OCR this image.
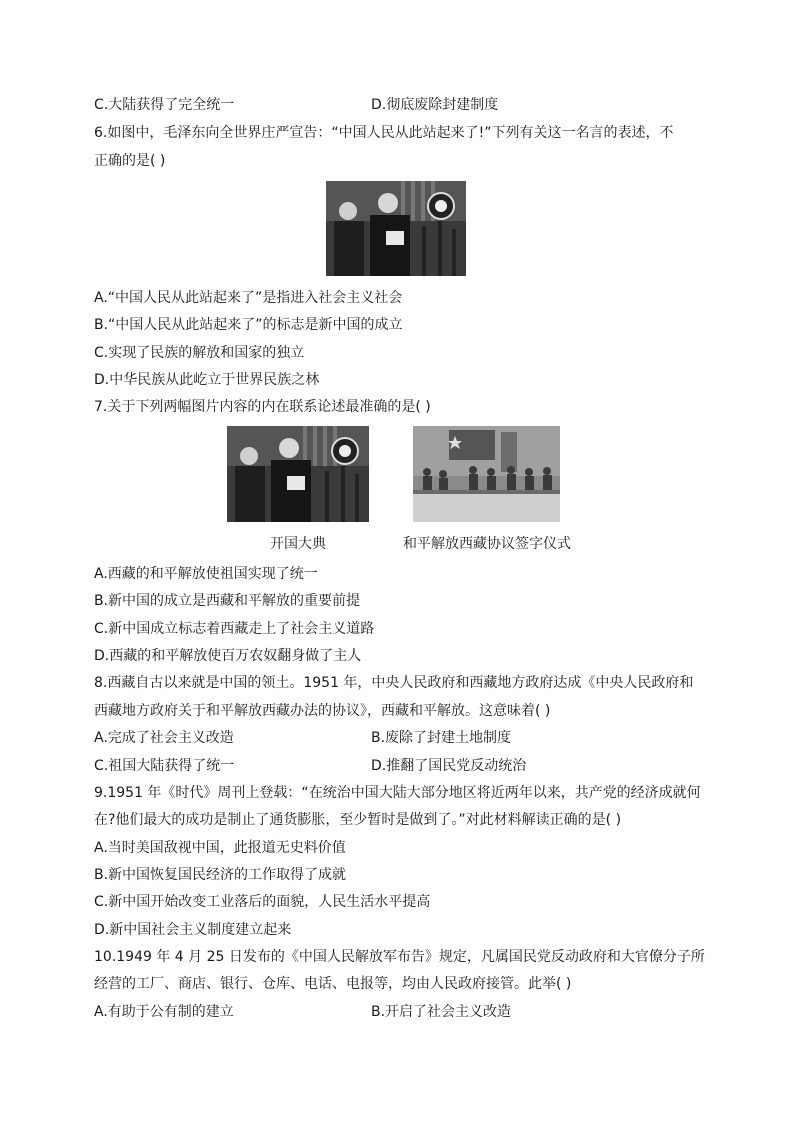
C.大陆获得了完全统一	D.彻底废除封建制度
6.如图中，毛泽东向全世界庄严宣告：“中国人民从此站起来了!”下列有关这一名言的表述，不
正确的是( )
A.“中国人民从此站起来了”是指进入社会主义社会
B.“中国人民从此站起来了”的标志是新中国的成立
C.实现了民族的解放和国家的独立
D.中华民族从此屹立于世界民族之林
7.关于下列两幅图片内容的内在联系论述最准确的是( )
开国大典	和平解放西藏协议签字仪式
A.西藏的和平解放使祖国实现了统一
B.新中国的成立是西藏和平解放的重要前提
C.新中国成立标志着西藏走上了社会主义道路
D.西藏的和平解放使百万农奴翻身做了主人
8.西藏自古以来就是中国的领土。1951 年，中央人民政府和西藏地方政府达成《中央人民政府和
西藏地方政府关于和平解放西藏办法的协议》，西藏和平解放。这意味着( )
A.完成了社会主义改造	B.废除了封建土地制度
C.祖国大陆获得了统一	D.推翻了国民党反动统治
9.1951 年《时代》周刊上登载：“在统治中国大陆大部分地区将近两年以来，共产党的经济成就何
在?他们最大的成功是制止了通货膨胀，至少暂时是做到了。”对此材料解读正确的是( )
A.当时美国敌视中国，此报道无史料价值
B.新中国恢复国民经济的工作取得了成就
C.新中国开始改变工业落后的面貌，人民生活水平提高
D.新中国社会主义制度建立起来
10.1949 年 4 月 25 日发布的《中国人民解放军布告》规定，凡属国民党反动政府和大官僚分子所
经营的工厂、商店、银行、仓库、电话、电报等，均由人民政府接管。此举( )
A.有助于公有制的建立	B.开启了社会主义改造
